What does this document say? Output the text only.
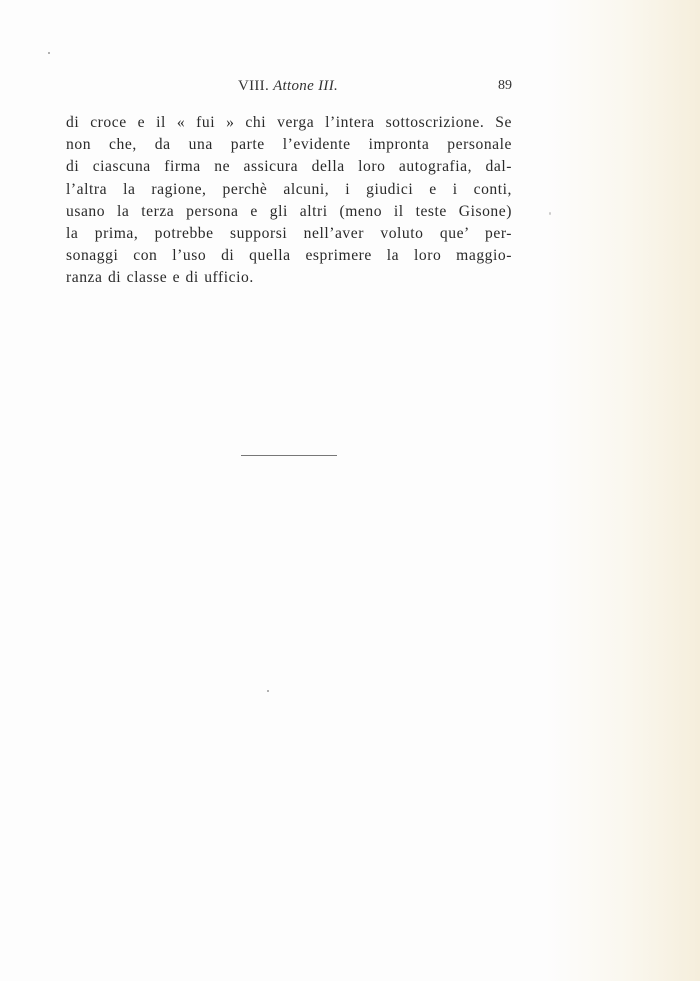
VIII. Attone III.	89
di croce e il « fui » chi verga l’intera sottoscrizione. Se
non che, da una parte l’evidente impronta personale
di ciascuna firma ne assicura della loro autografia, dal-
l’altra la ragione, perchè alcuni, i giudici e i conti,
usano la terza persona e gli altri (meno il teste Gisone)
la prima, potrebbe supporsi nell’aver voluto que’ per-
sonaggi con l’uso di quella esprimere la loro maggio-
ranza di classe e di ufficio.
